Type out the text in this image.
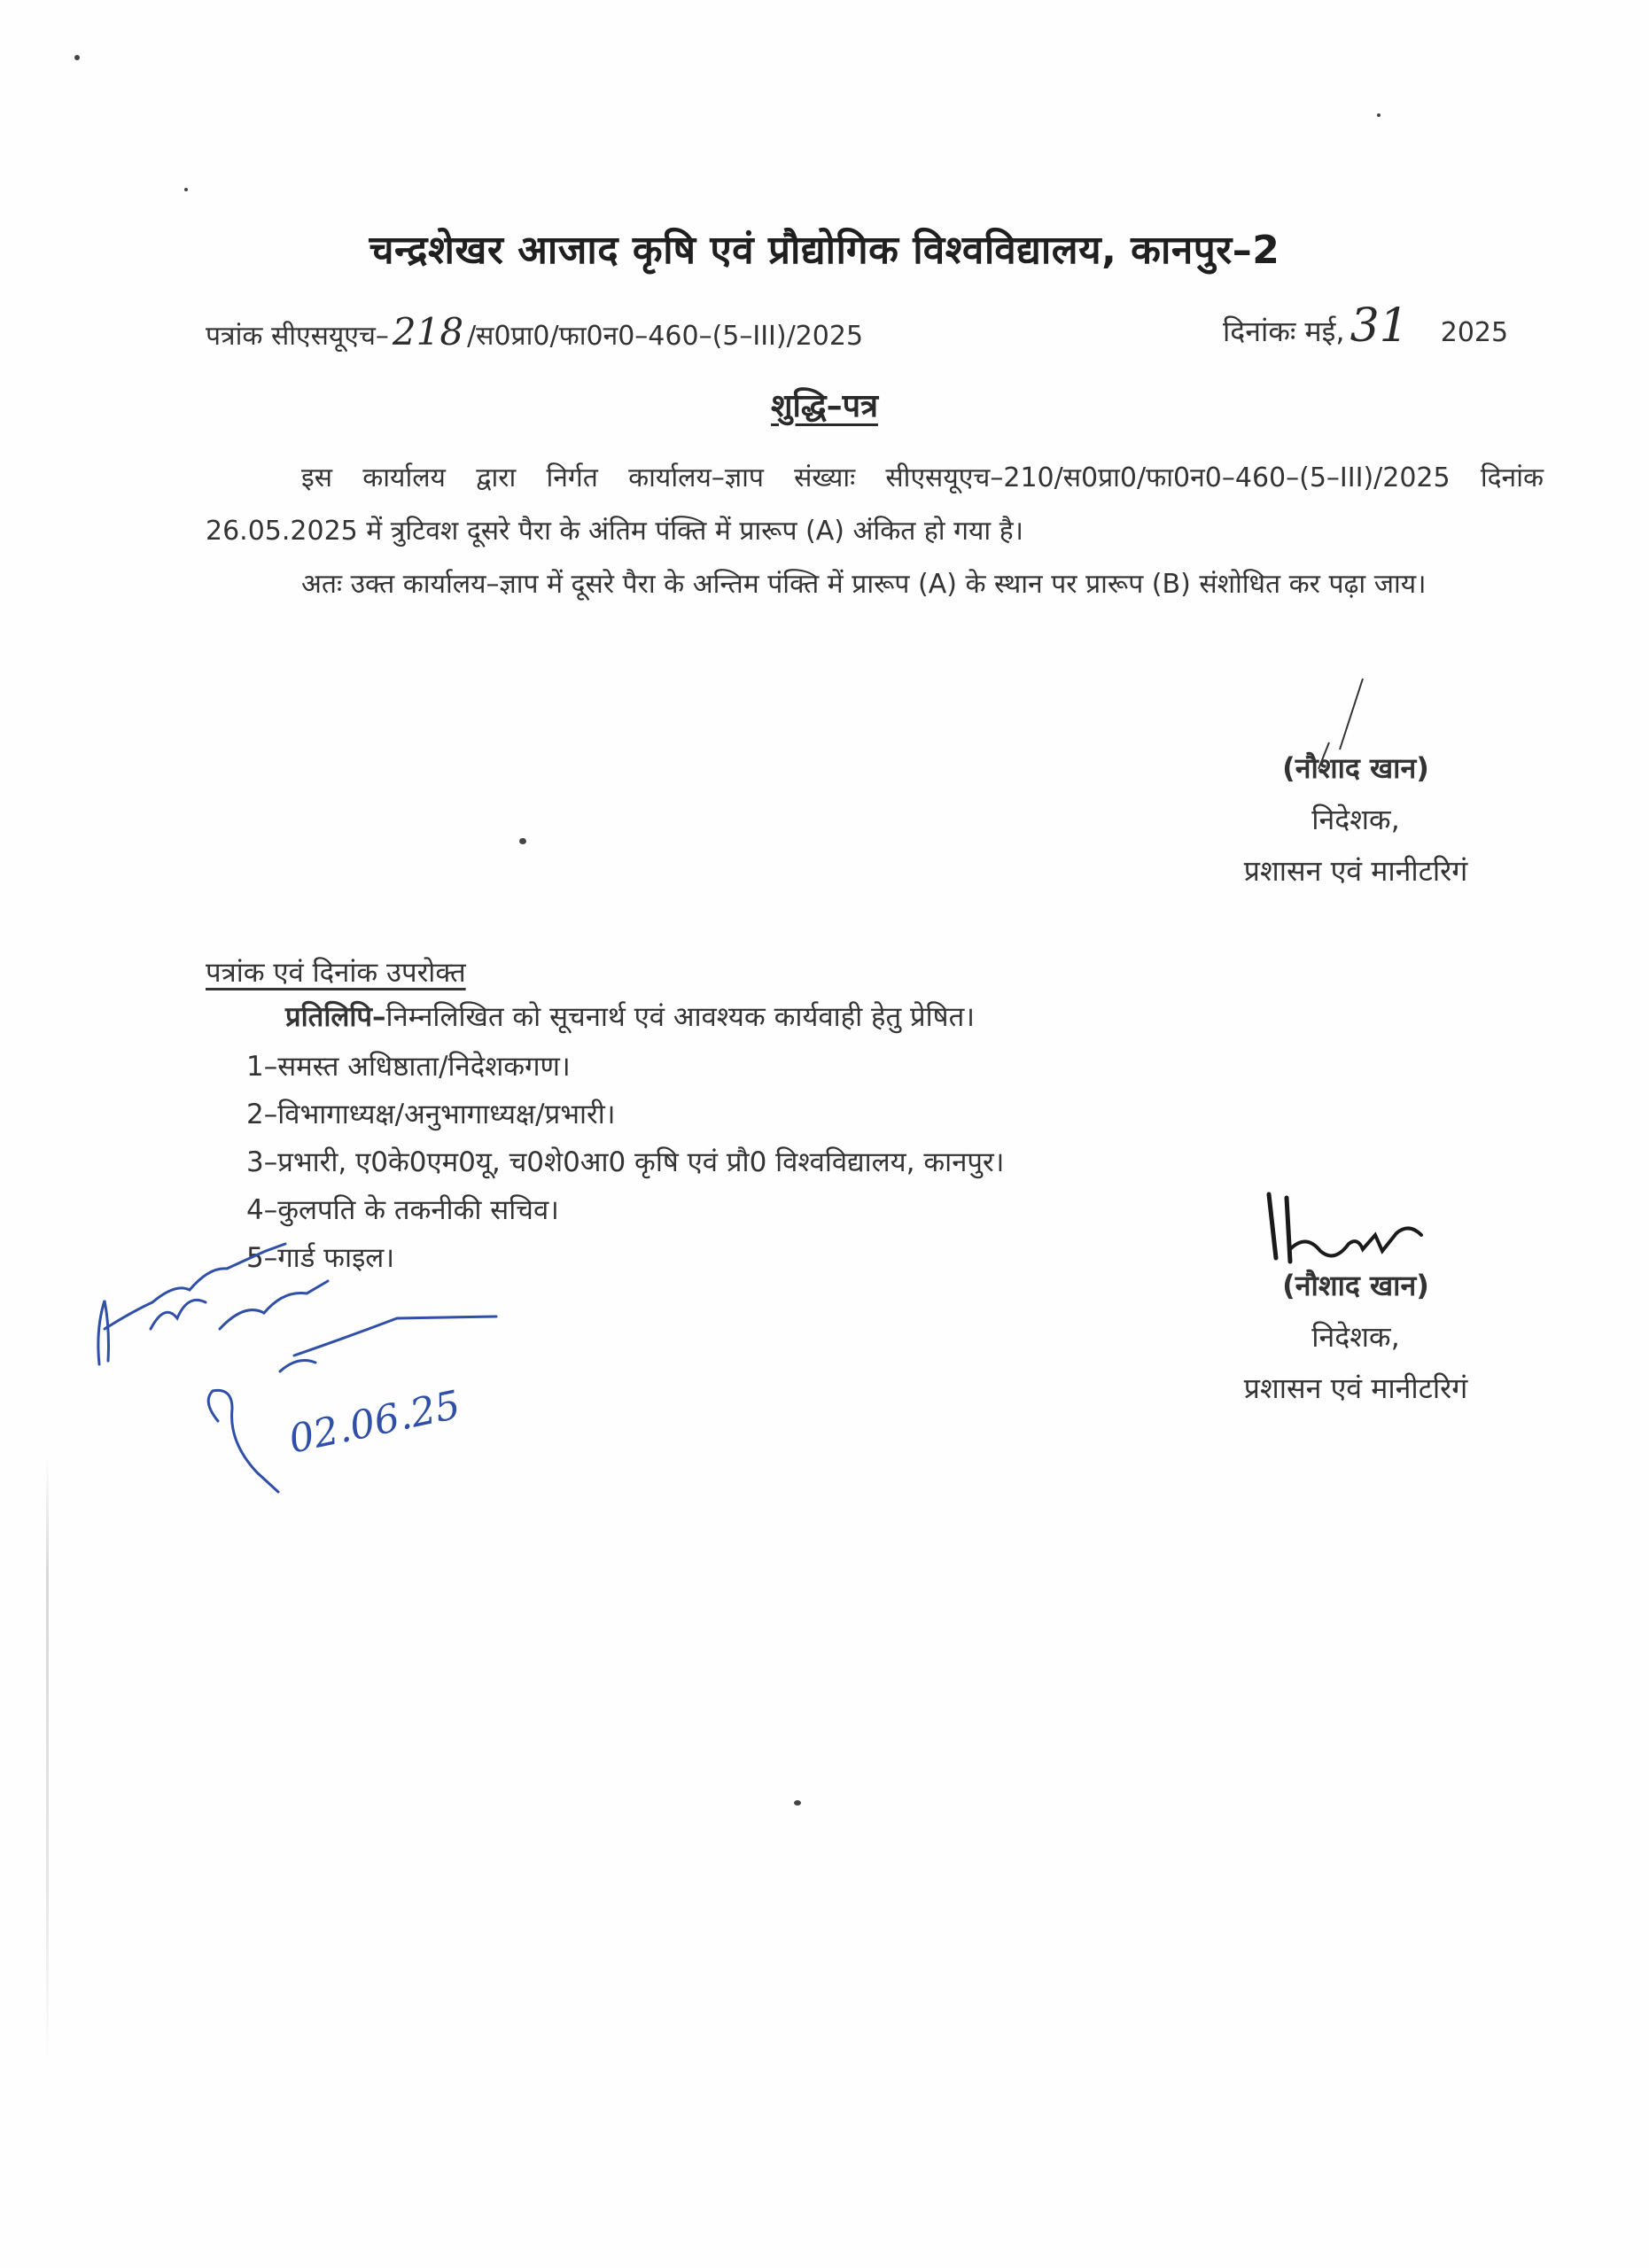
चन्द्रशेखर आजाद कृषि एवं प्रौद्योगिक विश्वविद्यालय, कानपुर–2
पत्रांक सीएसयूएच–218 /स0प्रा0/फा0न0–460–(5–III)/2025	दिनांकः मई, 31 2025
शुद्धि–पत्र
इस कार्यालय द्वारा निर्गत कार्यालय–ज्ञाप संख्याः सीएसयूएच–210/स0प्रा0/फा0न0–460–(5–III)/2025 दिनांक 26.05.2025 में त्रुटिवश दूसरे पैरा के अंतिम पंक्ति में प्रारूप (A) अंकित हो गया है।
अतः उक्त कार्यालय–ज्ञाप में दूसरे पैरा के अन्तिम पंक्ति में प्रारूप (A) के स्थान पर प्रारूप (B) संशोधित कर पढ़ा जाय।
(नौशाद खान)
निदेशक,
प्रशासन एवं मानीटरिगं
पत्रांक एवं दिनांक उपरोक्त
प्रतिलिपि–निम्नलिखित को सूचनार्थ एवं आवश्यक कार्यवाही हेतु प्रेषित।
1–समस्त अधिष्ठाता/निदेशकगण।
2–विभागाध्यक्ष/अनुभागाध्यक्ष/प्रभारी।
3–प्रभारी, ए0के0एम0यू, च0शे0आ0 कृषि एवं प्रौ0 विश्वविद्यालय, कानपुर।
4–कुलपति के तकनीकी सचिव।
5–गार्ड फाइल।
(नौशाद खान)
निदेशक,
प्रशासन एवं मानीटरिगं
02.06.25
